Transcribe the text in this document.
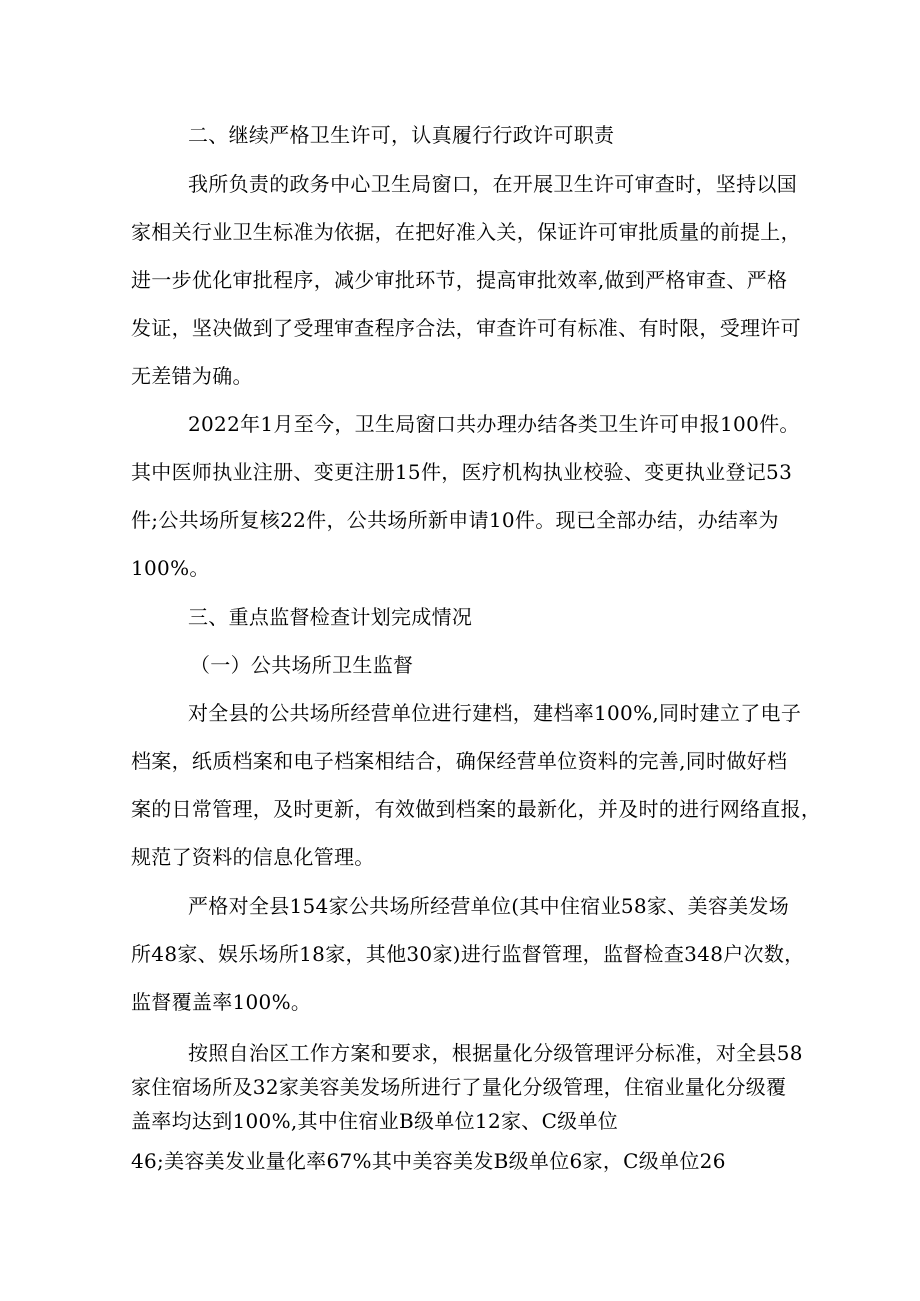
二、继续严格卫生许可，认真履行行政许可职责
我所负责的政务中心卫生局窗口，在开展卫生许可审查时，坚持以国
家相关行业卫生标准为依据，在把好准入关，保证许可审批质量的前提上，
进一步优化审批程序，减少审批环节，提高审批效率,做到严格审查、严格
发证，坚决做到了受理审查程序合法，审查许可有标准、有时限，受理许可
无差错为确。
2022年1月至今，卫生局窗口共办理办结各类卫生许可申报100件。
其中医师执业注册、变更注册15件，医疗机构执业校验、变更执业登记53
件;公共场所复核22件，公共场所新申请10件。现已全部办结，办结率为
100%。
三、重点监督检查计划完成情况
（一）公共场所卫生监督
对全县的公共场所经营单位进行建档，建档率100%,同时建立了电子
档案，纸质档案和电子档案相结合，确保经营单位资料的完善,同时做好档
案的日常管理，及时更新，有效做到档案的最新化，并及时的进行网络直报，
规范了资料的信息化管理。
严格对全县154家公共场所经营单位(其中住宿业58家、美容美发场
所48家、娱乐场所18家，其他30家)进行监督管理，监督检查348户次数，
监督覆盖率100%。
按照自治区工作方案和要求，根据量化分级管理评分标准，对全县58
家住宿场所及32家美容美发场所进行了量化分级管理，住宿业量化分级覆
盖率均达到100%,其中住宿业B级单位12家、C级单位
46;美容美发业量化率67%其中美容美发B级单位6家，C级单位26
